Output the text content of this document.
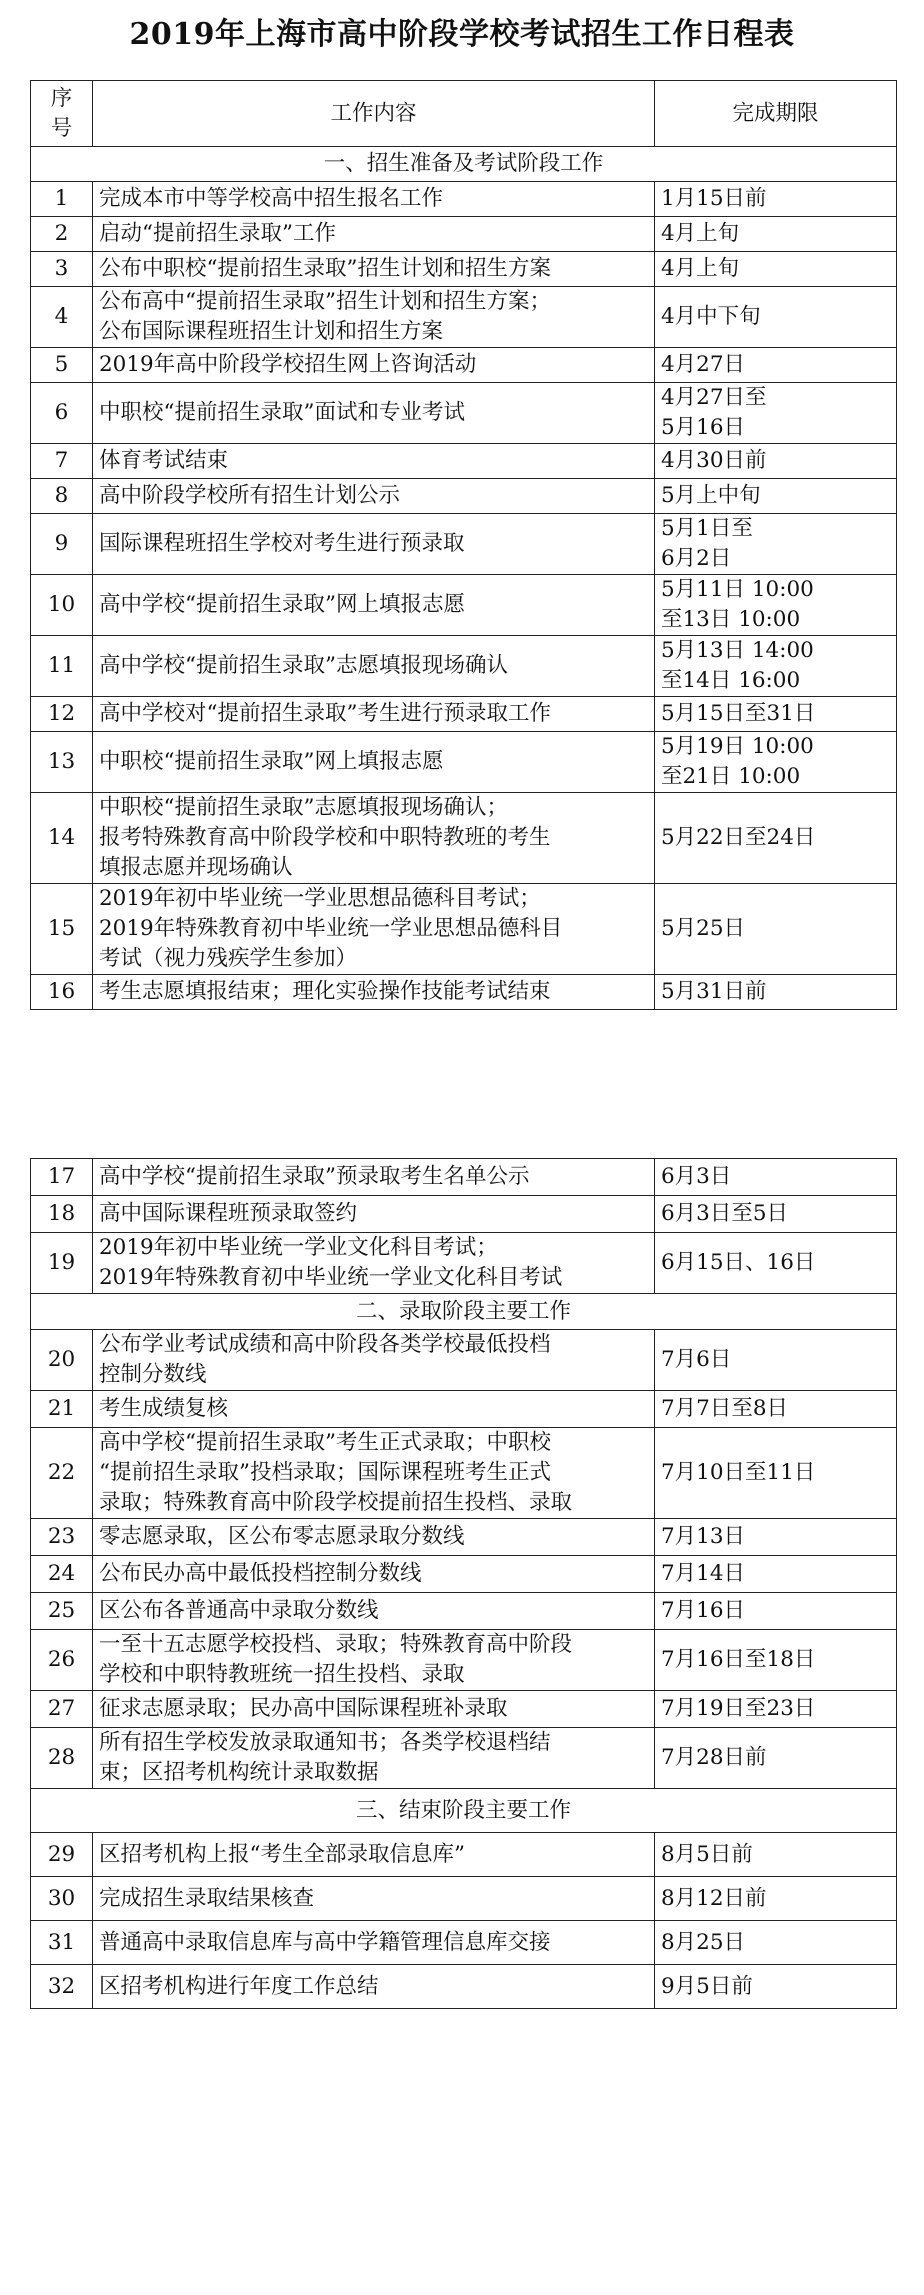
2019年上海市高中阶段学校考试招生工作日程表
序
号	工作内容	完成期限
一、招生准备及考试阶段工作		
1	完成本市中等学校高中招生报名工作	1月15日前

2	启动“提前招生录取”工作	4月上旬

3	公布中职校“提前招生录取”招生计划和招生方案	4月上旬

4	公布高中“提前招生录取”招生计划和招生方案；
公布国际课程班招生计划和招生方案	4月中下旬

5	2019年高中阶段学校招生网上咨询活动	4月27日

6	中职校“提前招生录取”面试和专业考试	4月27日至
5月16日

7	体育考试结束	4月30日前

8	高中阶段学校所有招生计划公示	5月上中旬

9	国际课程班招生学校对考生进行预录取	5月1日至
6月2日

10	高中学校“提前招生录取”网上填报志愿	5月11日 10:00
至13日 10:00

11	高中学校“提前招生录取”志愿填报现场确认	5月13日 14:00
至14日 16:00

12	高中学校对“提前招生录取”考生进行预录取工作	5月15日至31日

13	中职校“提前招生录取”网上填报志愿	5月19日 10:00
至21日 10:00

14	中职校“提前招生录取”志愿填报现场确认；
报考特殊教育高中阶段学校和中职特教班的考生
填报志愿并现场确认	5月22日至24日

15	2019年初中毕业统一学业思想品德科目考试；
2019年特殊教育初中毕业统一学业思想品德科目
考试（视力残疾学生参加）	5月25日

16	考生志愿填报结束；理化实验操作技能考试结束	5月31日前
17	高中学校“提前招生录取”预录取考生名单公示	6月3日

18	高中国际课程班预录取签约	6月3日至5日

19	2019年初中毕业统一学业文化科目考试；
2019年特殊教育初中毕业统一学业文化科目考试	6月15日、16日

二、录取阶段主要工作		
20	公布学业考试成绩和高中阶段各类学校最低投档
控制分数线	7月6日

21	考生成绩复核	7月7日至8日

22	高中学校“提前招生录取”考生正式录取；中职校
“提前招生录取”投档录取；国际课程班考生正式
录取；特殊教育高中阶段学校提前招生投档、录取	7月10日至11日

23	零志愿录取，区公布零志愿录取分数线	7月13日

24	公布民办高中最低投档控制分数线	7月14日

25	区公布各普通高中录取分数线	7月16日

26	一至十五志愿学校投档、录取；特殊教育高中阶段
学校和中职特教班统一招生投档、录取	7月16日至18日

27	征求志愿录取；民办高中国际课程班补录取	7月19日至23日

28	所有招生学校发放录取通知书；各类学校退档结
束；区招考机构统计录取数据	7月28日前

三、结束阶段主要工作		
29	区招考机构上报“考生全部录取信息库”	8月5日前

30	完成招生录取结果核查	8月12日前

31	普通高中录取信息库与高中学籍管理信息库交接	8月25日

32	区招考机构进行年度工作总结	9月5日前
